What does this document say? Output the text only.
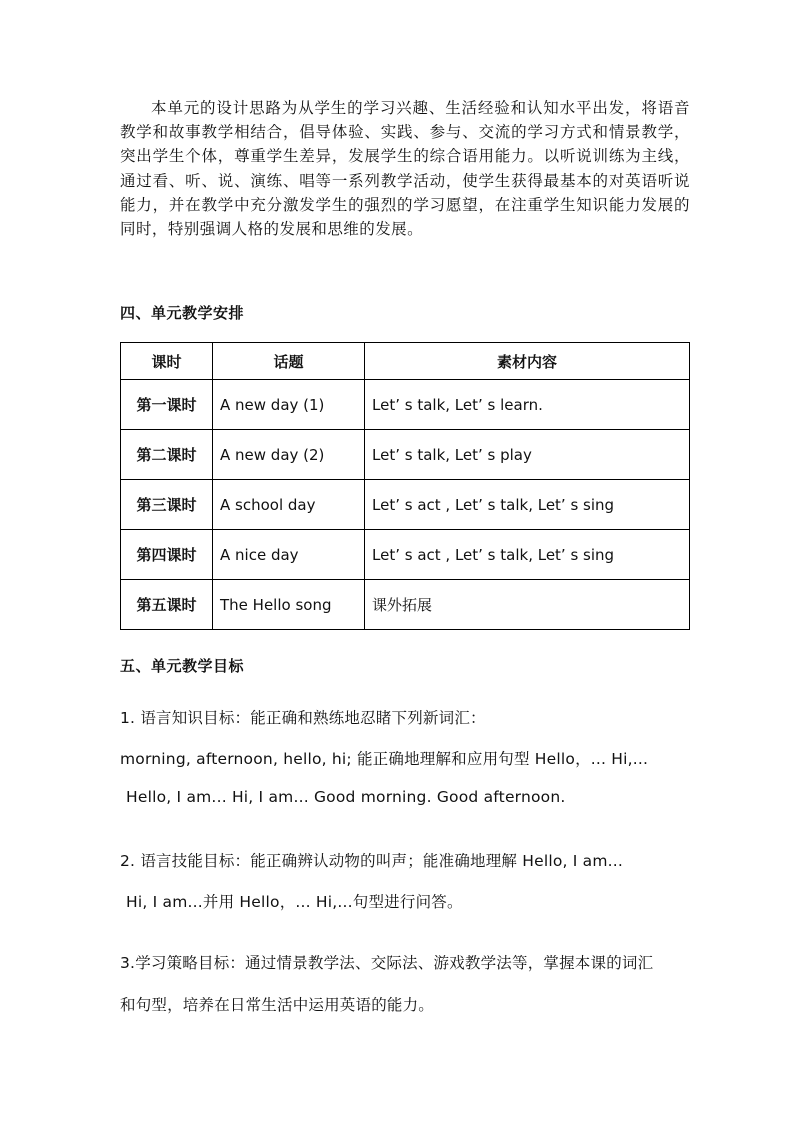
本单元的设计思路为从学生的学习兴趣、生活经验和认知水平出发，将语音教学和故事教学相结合，倡导体验、实践、参与、交流的学习方式和情景教学，突出学生个体，尊重学生差异，发展学生的综合语用能力。以听说训练为主线，通过看、听、说、演练、唱等一系列教学活动，使学生获得最基本的对英语听说能力，并在教学中充分激发学生的强烈的学习愿望，在注重学生知识能力发展的同时，特别强调人格的发展和思维的发展。
四、单元教学安排
课时	话题	素材内容
第一课时	A new day (1)	Let’ s talk, Let’ s learn.
第二课时	A new day (2)	Let’ s talk, Let’ s play
第三课时	A school day	Let’ s act , Let’ s talk, Let’ s sing
第四课时	A nice day	Let’ s act , Let’ s talk, Let’ s sing
第五课时	The Hello song	课外拓展
五、单元教学目标
1. 语言知识目标：能正确和熟练地忍睹下列新词汇：
morning, afternoon, hello, hi; 能正确地理解和应用句型 Hello，... Hi,...
Hello, I am... Hi, I am... Good morning. Good afternoon.
2. 语言技能目标：能正确辨认动物的叫声；能准确地理解 Hello, I am...
Hi, I am...并用 Hello，... Hi,...句型进行问答。
3.学习策略目标：通过情景教学法、交际法、游戏教学法等，掌握本课的词汇
和句型，培养在日常生活中运用英语的能力。
